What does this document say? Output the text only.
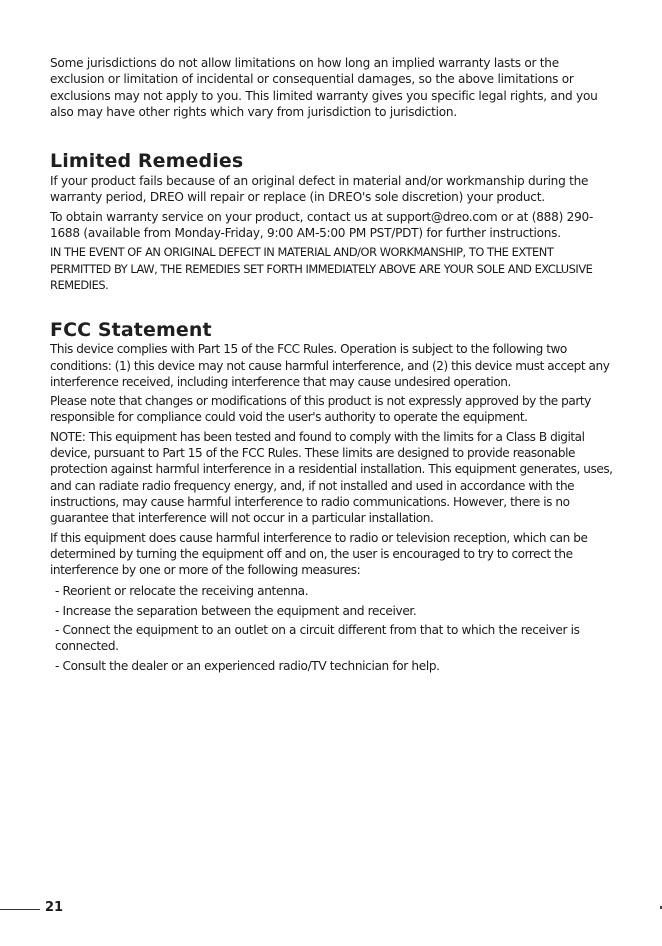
Some jurisdictions do not allow limitations on how long an implied warranty lasts or the exclusion or limitation of incidental or consequential damages, so the above limitations or exclusions may not apply to you. This limited warranty gives you specific legal rights, and you also may have other rights which vary from jurisdiction to jurisdiction.

Limited Remedies

If your product fails because of an original defect in material and/or workmanship during the warranty period, DREO will repair or replace (in DREO's sole discretion) your product.

To obtain warranty service on your product, contact us at support@dreo.com or at (888) 290-1688 (available from Monday-Friday, 9:00 AM-5:00 PM PST/PDT) for further instructions.

IN THE EVENT OF AN ORIGINAL DEFECT IN MATERIAL AND/OR WORKMANSHIP, TO THE EXTENT PERMITTED BY LAW, THE REMEDIES SET FORTH IMMEDIATELY ABOVE ARE YOUR SOLE AND EXCLUSIVE REMEDIES.

FCC Statement

This device complies with Part 15 of the FCC Rules. Operation is subject to the following two conditions: (1) this device may not cause harmful interference, and (2) this device must accept any interference received, including interference that may cause undesired operation.

Please note that changes or modifications of this product is not expressly approved by the party responsible for compliance could void the user's authority to operate the equipment.

NOTE: This equipment has been tested and found to comply with the limits for a Class B digital device, pursuant to Part 15 of the FCC Rules. These limits are designed to provide reasonable protection against harmful interference in a residential installation. This equipment generates, uses, and can radiate radio frequency energy, and, if not installed and used in accordance with the instructions, may cause harmful interference to radio communications. However, there is no guarantee that interference will not occur in a particular installation.

If this equipment does cause harmful interference to radio or television reception, which can be determined by turning the equipment off and on, the user is encouraged to try to correct the interference by one or more of the following measures:

- Reorient or relocate the receiving antenna.

- Increase the separation between the equipment and receiver.

- Connect the equipment to an outlet on a circuit different from that to which the receiver is connected.

- Consult the dealer or an experienced radio/TV technician for help.

21
